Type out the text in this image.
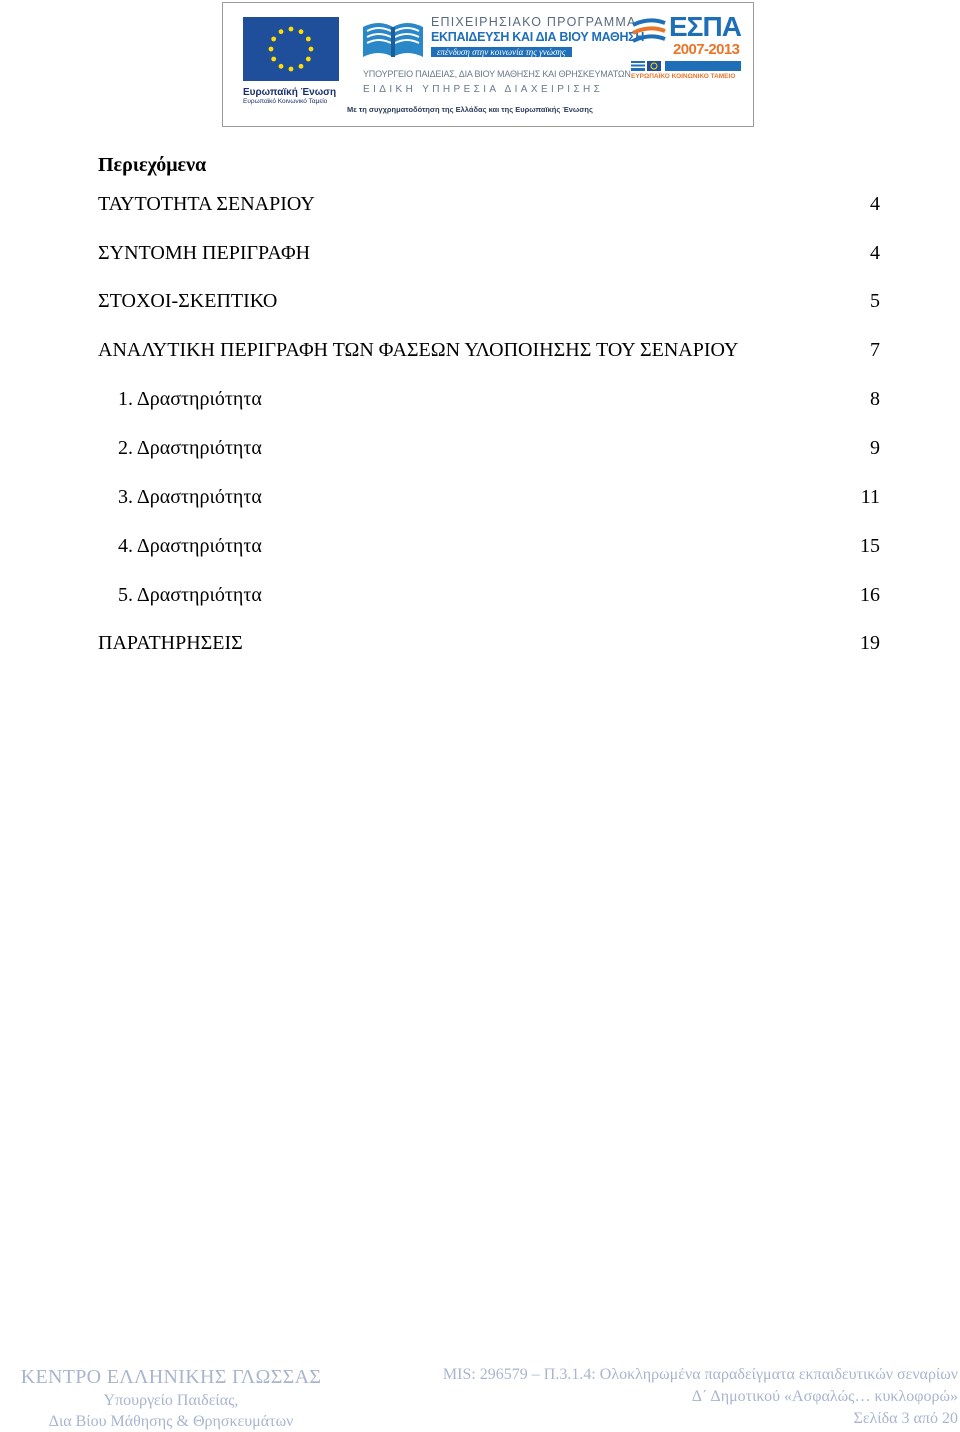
Ευρωπαϊκή Ένωση
Ευρωπαϊκό Κοινωνικό Ταμείο
ΕΠΙΧΕΙΡΗΣΙΑΚΟ ΠΡΟΓΡΑΜΜΑ
ΕΚΠΑΙΔΕΥΣΗ ΚΑΙ ΔΙΑ ΒΙΟΥ ΜΑΘΗΣΗ
επένδυση στην κοινωνία της γνώσης
ΥΠΟΥΡΓΕΙΟ ΠΑΙΔΕΙΑΣ, ΔΙΑ ΒΙΟΥ ΜΑΘΗΣΗΣ ΚΑΙ ΘΡΗΣΚΕΥΜΑΤΩΝ
ΕΙΔΙΚΗ ΥΠΗΡΕΣΙΑ ΔΙΑΧΕΙΡΙΣΗΣ
Με τη συγχρηματοδότηση της Ελλάδας και της Ευρωπαϊκής Ένωσης
ΕΣΠΑ
2007-2013
ΕΥΡΩΠΑΪΚΟ ΚΟΙΝΩΝΙΚΟ ΤΑΜΕΙΟ
Περιεχόμενα
ΤΑΥΤΟΤΗΤΑ ΣΕΝΑΡΙΟΥ	4
ΣΥΝΤΟΜΗ ΠΕΡΙΓΡΑΦΗ	4
ΣΤΟΧΟΙ-ΣΚΕΠΤΙΚΟ	5
ΑΝΑΛΥΤΙΚΗ ΠΕΡΙΓΡΑΦΗ ΤΩΝ ΦΑΣΕΩΝ ΥΛΟΠΟΙΗΣΗΣ ΤΟΥ ΣΕΝΑΡΙΟΥ	7
1. Δραστηριότητα	8
2. Δραστηριότητα	9
3. Δραστηριότητα	11
4. Δραστηριότητα	15
5. Δραστηριότητα	16
ΠΑΡΑΤΗΡΗΣΕΙΣ	19
ΚΕΝΤΡΟ ΕΛΛΗΝΙΚΗΣ ΓΛΩΣΣΑΣ
Υπουργείο Παιδείας,
Δια Βίου Μάθησης & Θρησκευμάτων
MIS: 296579 – Π.3.1.4: Ολοκληρωμένα παραδείγματα εκπαιδευτικών σεναρίων
Δ΄ Δημοτικού «Ασφαλώς… κυκλοφορώ»
Σελίδα 3 από 20
